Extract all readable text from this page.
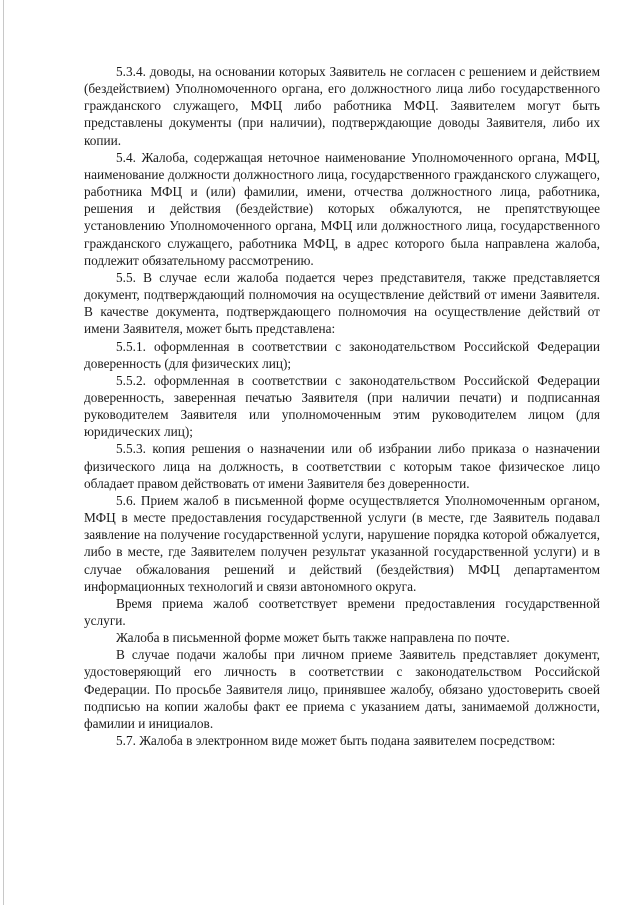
5.3.4. доводы, на основании которых Заявитель не согласен с решением и действием (бездействием) Уполномоченного органа, его должностного лица либо государственного гражданского служащего, МФЦ либо работника МФЦ. Заявителем могут быть представлены документы (при наличии), подтверждающие доводы Заявителя, либо их копии.

5.4. Жалоба, содержащая неточное наименование Уполномоченного органа, МФЦ, наименование должности должностного лица, государственного гражданского служащего, работника МФЦ и (или) фамилии, имени, отчества должностного лица, работника, решения и действия (бездействие) которых обжалуются, не препятствующее установлению Уполномоченного органа, МФЦ или должностного лица, государственного гражданского служащего, работника МФЦ, в адрес которого была направлена жалоба, подлежит обязательному рассмотрению.

5.5. В случае если жалоба подается через представителя, также представляется документ, подтверждающий полномочия на осуществление действий от имени Заявителя. В качестве документа, подтверждающего полномочия на осуществление действий от имени Заявителя, может быть представлена:

5.5.1. оформленная в соответствии с законодательством Российской Федерации доверенность (для физических лиц);

5.5.2. оформленная в соответствии с законодательством Российской Федерации доверенность, заверенная печатью Заявителя (при наличии печати) и подписанная руководителем Заявителя или уполномоченным этим руководителем лицом (для юридических лиц);

5.5.3. копия решения о назначении или об избрании либо приказа о назначении физического лица на должность, в соответствии с которым такое физическое лицо обладает правом действовать от имени Заявителя без доверенности.

5.6. Прием жалоб в письменной форме осуществляется Уполномоченным органом, МФЦ в месте предоставления государственной услуги (в месте, где Заявитель подавал заявление на получение государственной услуги, нарушение порядка которой обжалуется, либо в месте, где Заявителем получен результат указанной государственной услуги) и в случае обжалования решений и действий (бездействия) МФЦ департаментом информационных технологий и связи автономного округа.

Время приема жалоб соответствует времени предоставления государственной услуги.

Жалоба в письменной форме может быть также направлена по почте.

В случае подачи жалобы при личном приеме Заявитель представляет документ, удостоверяющий его личность в соответствии с законодательством Российской Федерации. По просьбе Заявителя лицо, принявшее жалобу, обязано удостоверить своей подписью на копии жалобы факт ее приема с указанием даты, занимаемой должности, фамилии и инициалов.

5.7. Жалоба в электронном виде может быть подана заявителем посредством:
